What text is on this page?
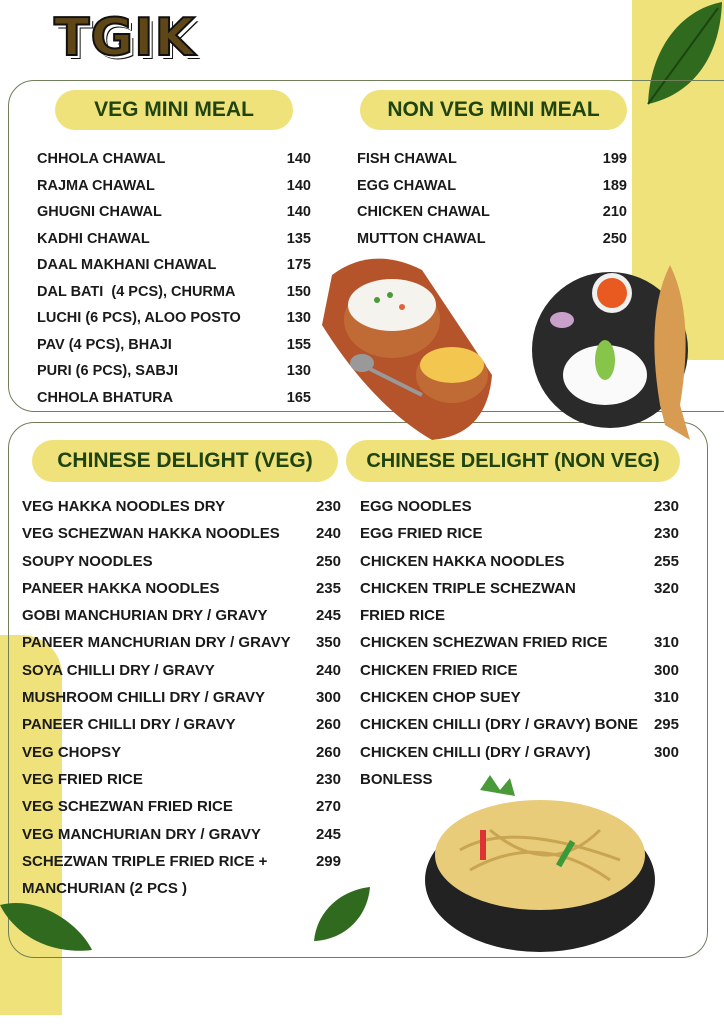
TGIK
VEG MINI MEAL	NON VEG MINI MEAL
CHINESE DELIGHT (VEG)	CHINESE DELIGHT (NON VEG)
CHHOLA CHAWAL	140
RAJMA CHAWAL	140
GHUGNI CHAWAL	140
KADHI CHAWAL	135
DAAL MAKHANI CHAWAL	175
DAL BATI  (4 PCS), CHURMA	150
LUCHI (6 PCS), ALOO POSTO	130
PAV (4 PCS), BHAJI	155
PURI (6 PCS), SABJI	130
CHHOLA BHATURA	165
FISH CHAWAL	199
EGG CHAWAL	189
CHICKEN CHAWAL	210
MUTTON CHAWAL	250
VEG HAKKA NOODLES DRY	230
VEG SCHEZWAN HAKKA NOODLES 240
SOUPY NOODLES	250
PANEER HAKKA NOODLES	235
GOBI MANCHURIAN DRY / GRAVY	245
PANEER MANCHURIAN DRY / GRAVY 350
SOYA CHILLI DRY / GRAVY	240
MUSHROOM CHILLI DRY / GRAVY	300
PANEER CHILLI DRY / GRAVY	260
VEG CHOPSY	260
VEG FRIED RICE	230
VEG SCHEZWAN FRIED RICE	270
VEG MANCHURIAN DRY / GRAVY	245
SCHEZWAN TRIPLE FRIED RICE +	299
MANCHURIAN (2 PCS )
EGG NOODLES	230
EGG FRIED RICE	230
CHICKEN HAKKA NOODLES	255
CHICKEN TRIPLE SCHEZWAN	320
FRIED RICE
CHICKEN SCHEZWAN FRIED RICE	310
CHICKEN FRIED RICE	300
CHICKEN CHOP SUEY	310
CHICKEN CHILLI (DRY / GRAVY) BONE 295
CHICKEN CHILLI (DRY / GRAVY)	300
BONLESS
